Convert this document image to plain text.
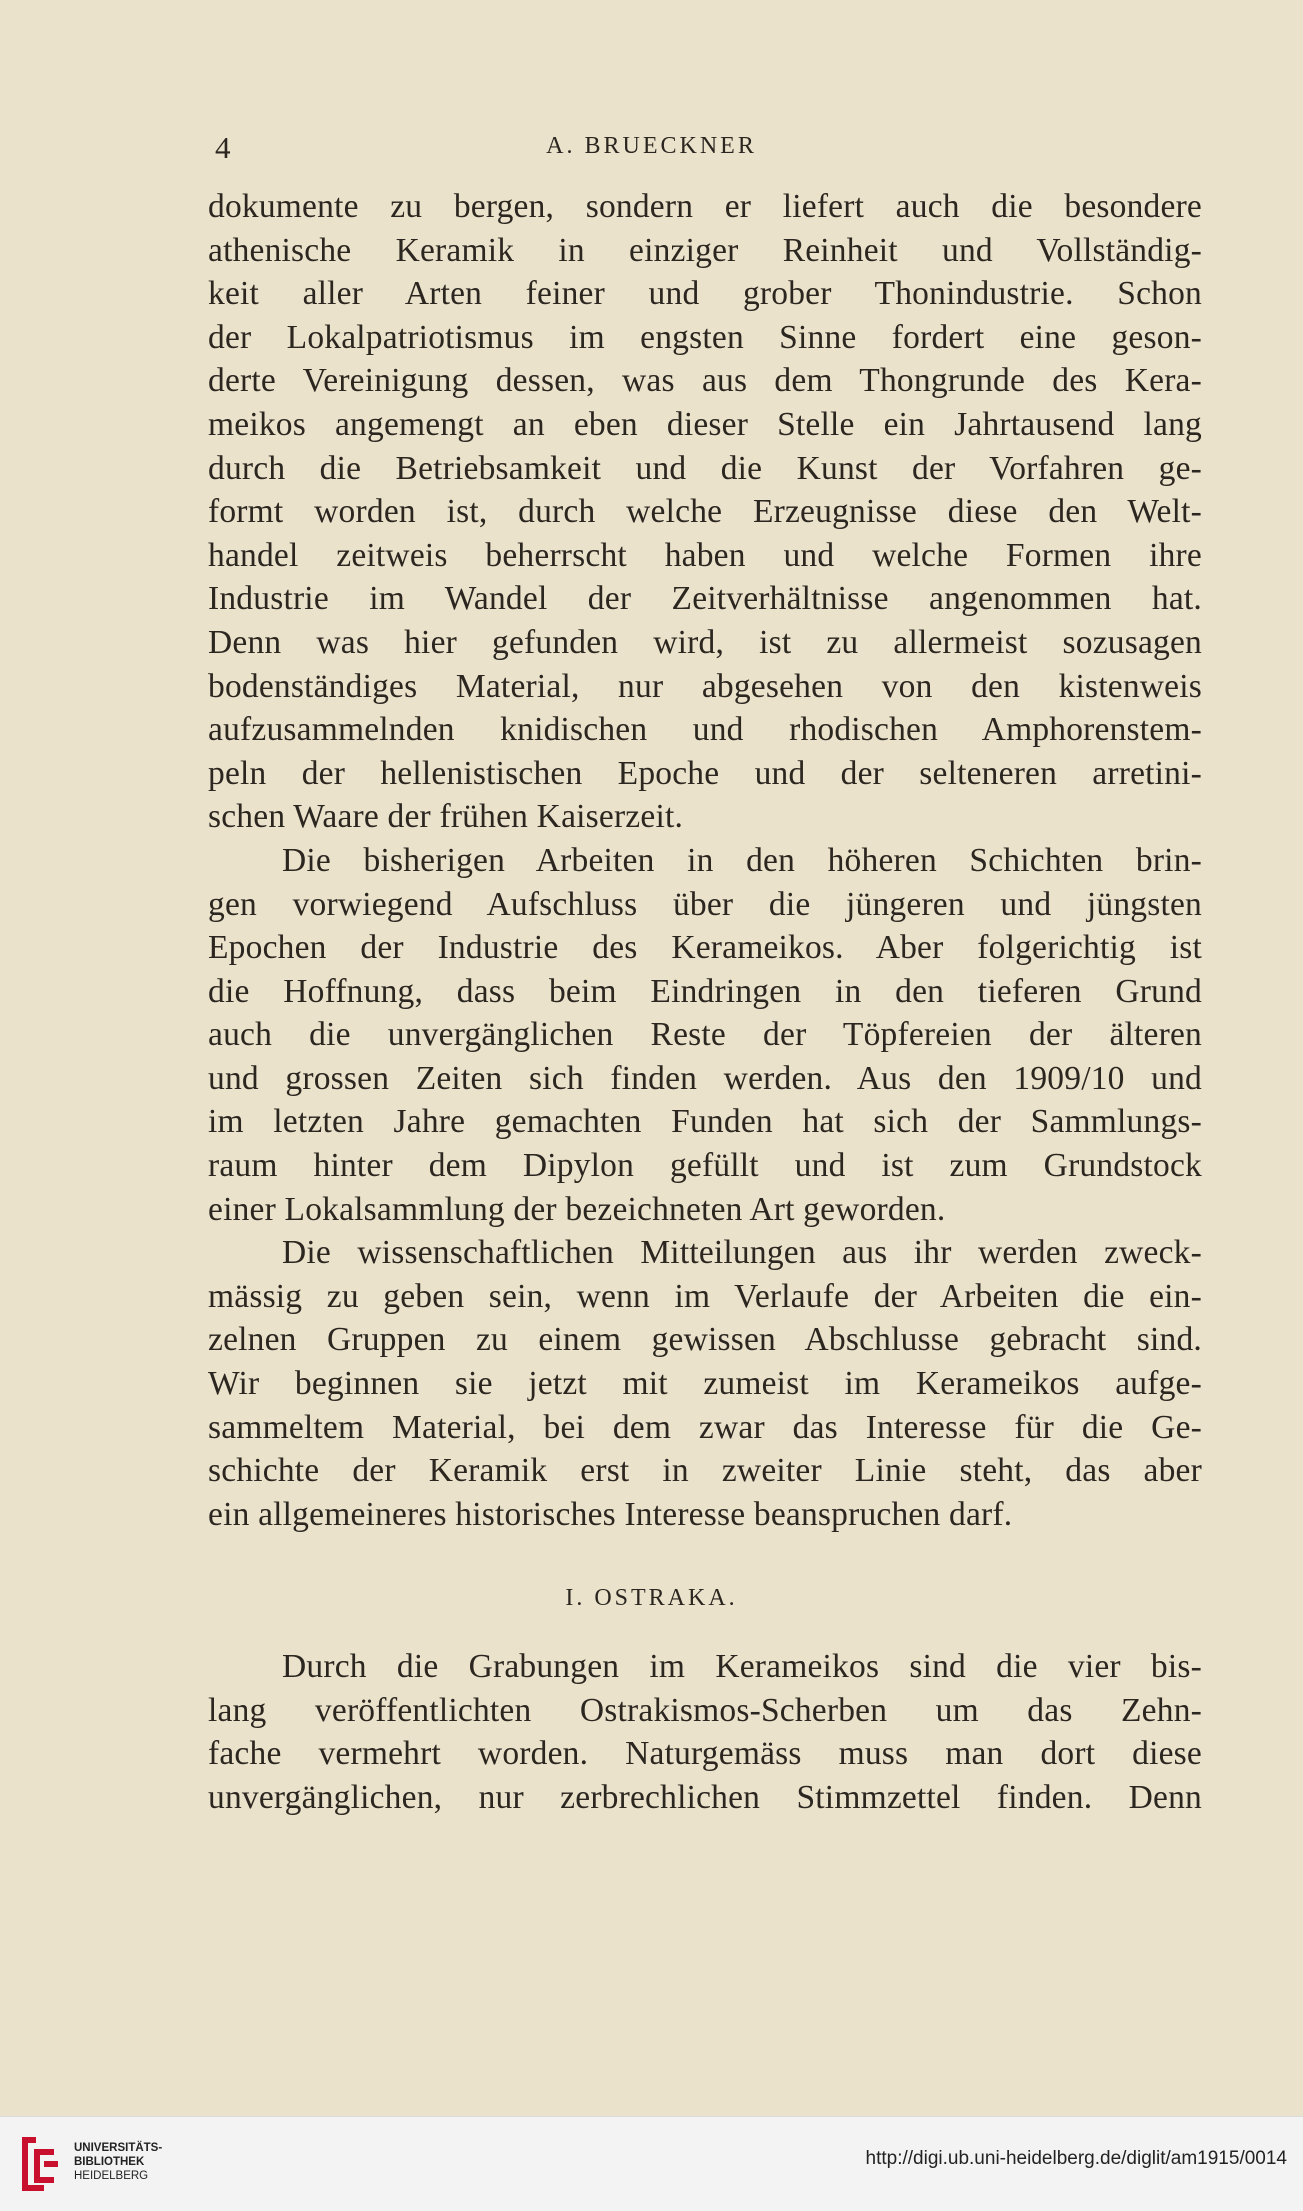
4	A. BRUECKNER

dokumente zu bergen, sondern er liefert auch die besondere
athenische Keramik in einziger Reinheit und Vollständig-
keit aller Arten feiner und grober Thonindustrie. Schon
der Lokalpatriotismus im engsten Sinne fordert eine geson-
derte Vereinigung dessen, was aus dem Thongrunde des Kera-
meikos angemengt an eben dieser Stelle ein Jahrtausend lang
durch die Betriebsamkeit und die Kunst der Vorfahren ge-
formt worden ist, durch welche Erzeugnisse diese den Welt-
handel zeitweis beherrscht haben und welche Formen ihre
Industrie im Wandel der Zeitverhältnisse angenommen hat.
Denn was hier gefunden wird, ist zu allermeist sozusagen
bodenständiges Material, nur abgesehen von den kistenweis
aufzusammelnden knidischen und rhodischen Amphorenstem-
peln der hellenistischen Epoche und der selteneren arretini-
schen Waare der frühen Kaiserzeit.

Die bisherigen Arbeiten in den höheren Schichten brin-
gen vorwiegend Aufschluss über die jüngeren und jüngsten
Epochen der Industrie des Kerameikos. Aber folgerichtig ist
die Hoffnung, dass beim Eindringen in den tieferen Grund
auch die unvergänglichen Reste der Töpfereien der älteren
und grossen Zeiten sich finden werden. Aus den 1909/10 und
im letzten Jahre gemachten Funden hat sich der Sammlungs-
raum hinter dem Dipylon gefüllt und ist zum Grundstock
einer Lokalsammlung der bezeichneten Art geworden.

Die wissenschaftlichen Mitteilungen aus ihr werden zweck-
mässig zu geben sein, wenn im Verlaufe der Arbeiten die ein-
zelnen Gruppen zu einem gewissen Abschlusse gebracht sind.
Wir beginnen sie jetzt mit zumeist im Kerameikos aufge-
sammeltem Material, bei dem zwar das Interesse für die Ge-
schichte der Keramik erst in zweiter Linie steht, das aber
ein allgemeineres historisches Interesse beanspruchen darf.

I. OSTRAKA.

Durch die Grabungen im Kerameikos sind die vier bis-
lang veröffentlichten Ostrakismos-Scherben um das Zehn-
fache vermehrt worden. Naturgemäss muss man dort diese
unvergänglichen, nur zerbrechlichen Stimmzettel finden. Denn

UNIVERSITÄTS-
BIBLIOTHEK
HEIDELBERG
http://digi.ub.uni-heidelberg.de/diglit/am1915/0014
